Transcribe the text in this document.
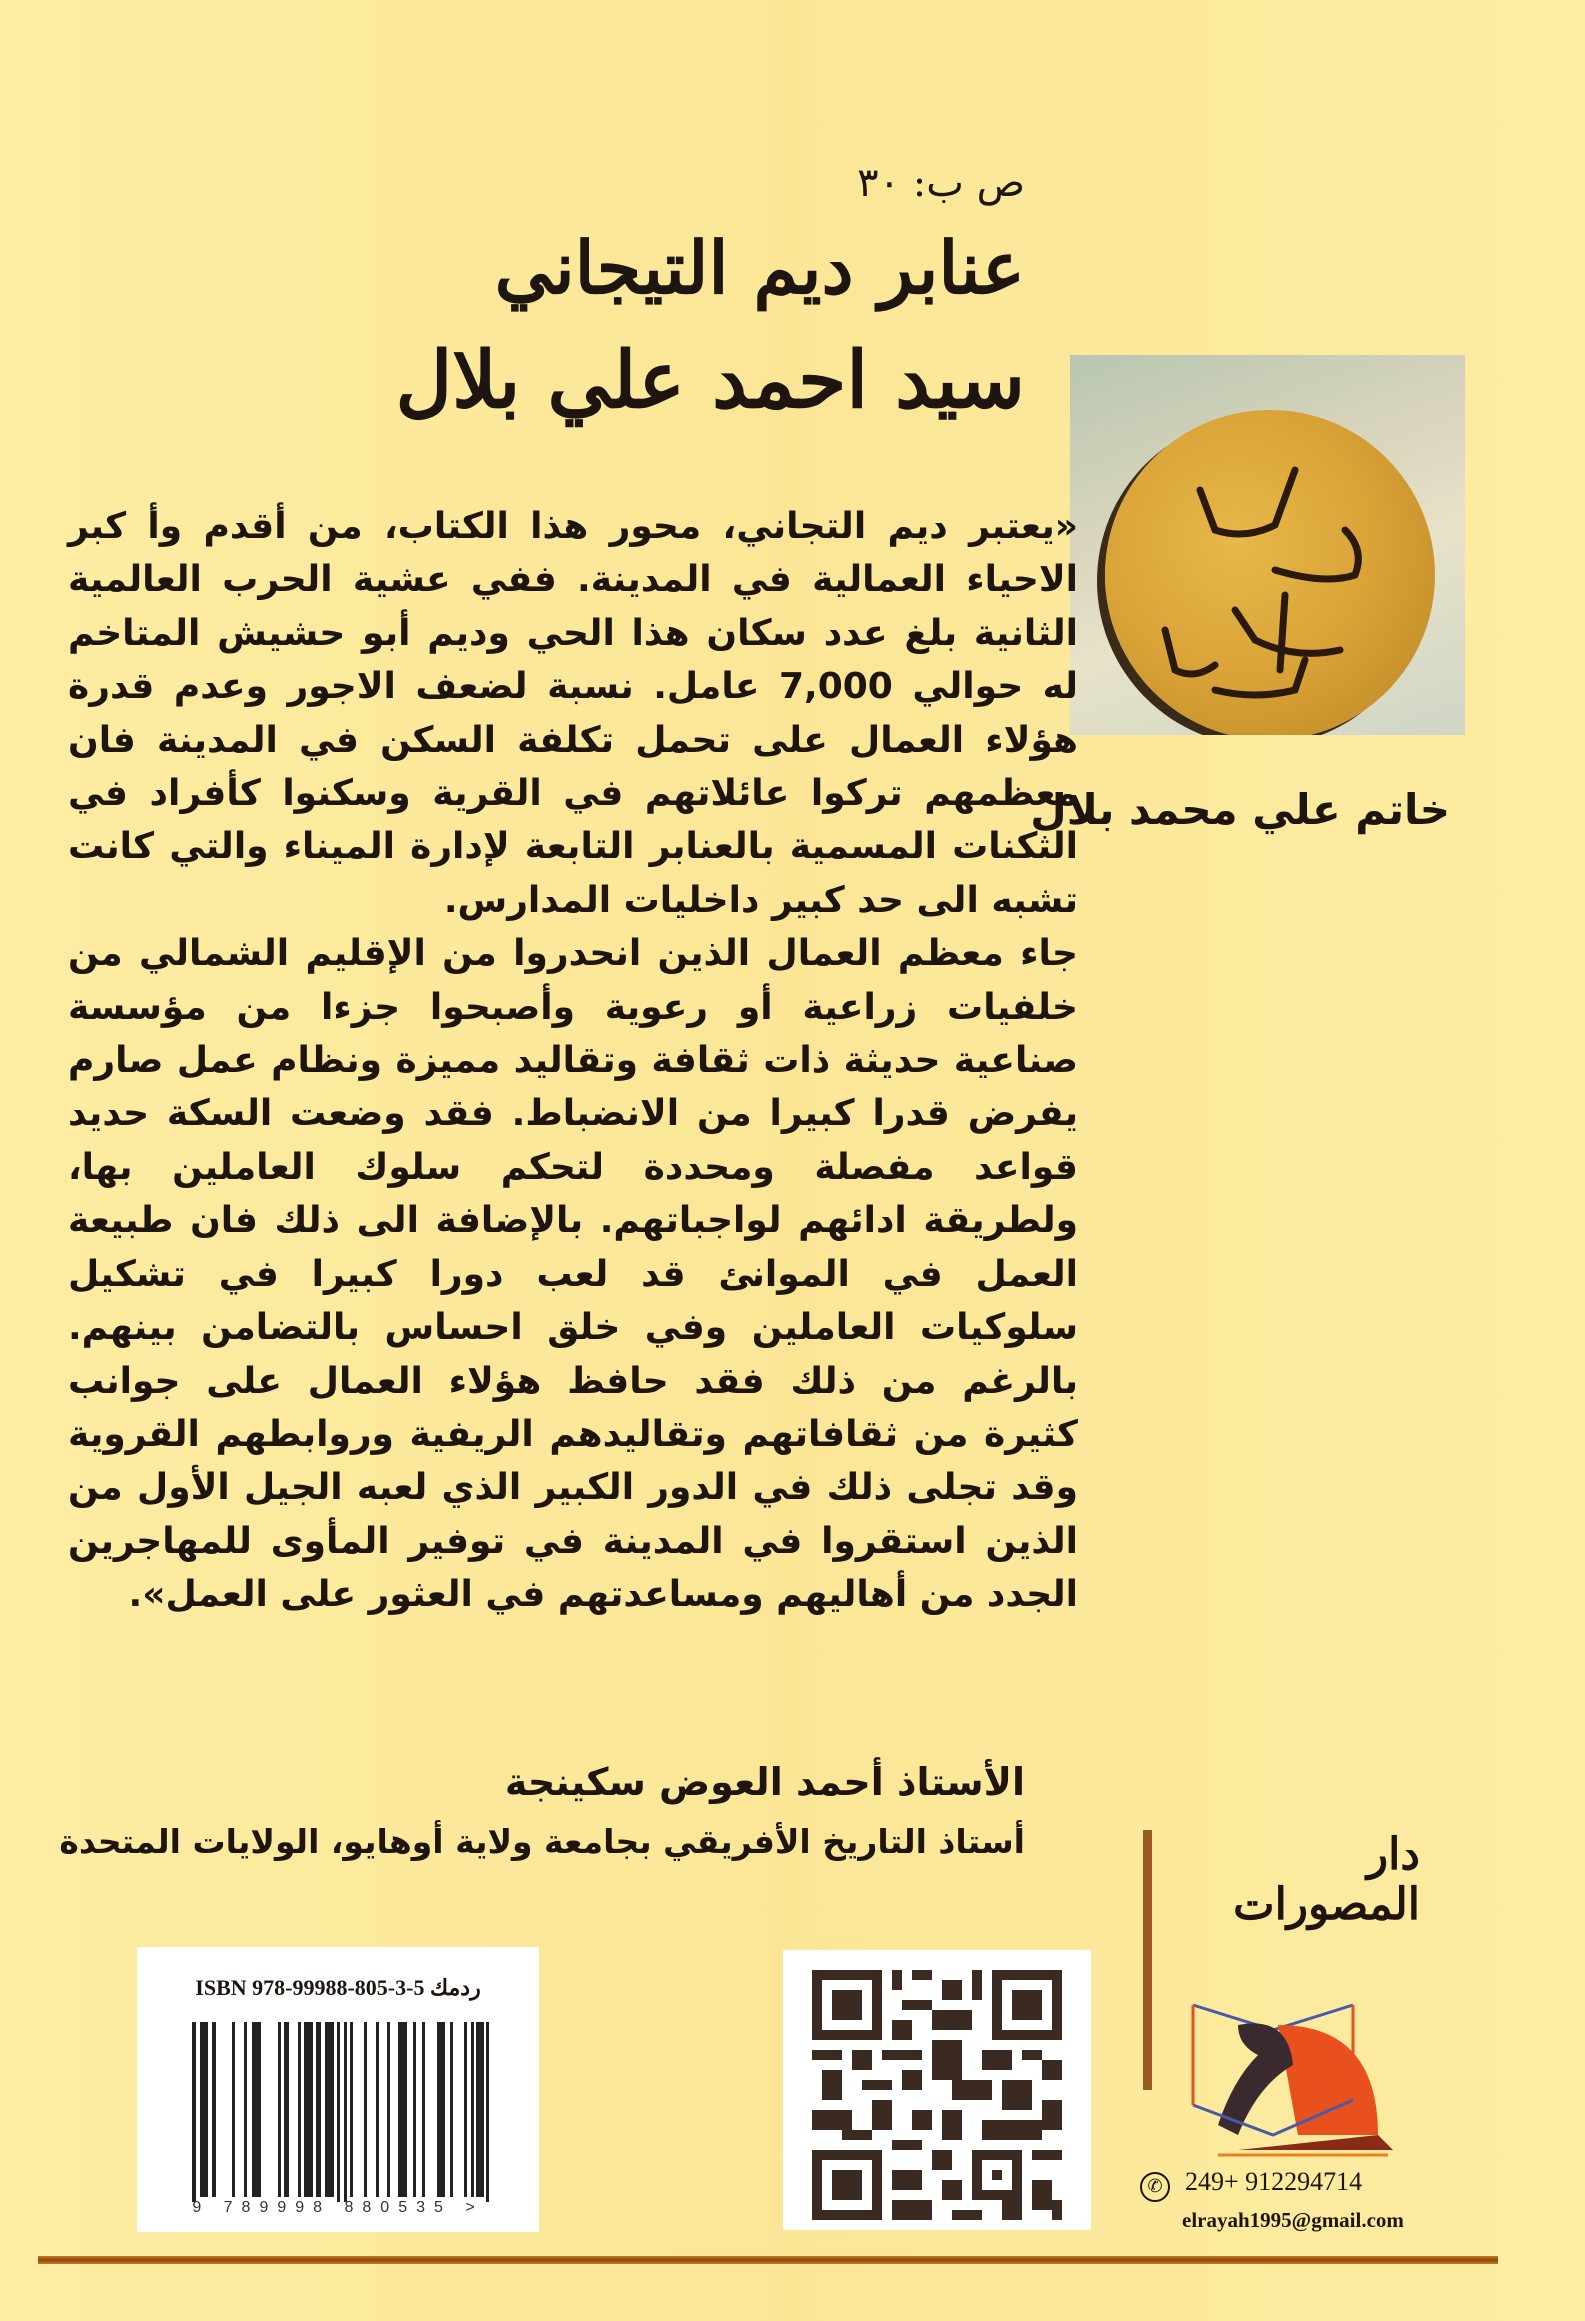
ص ب: ٣٠
عنابر ديم التيجاني
سيد احمد علي بلال
خاتم علي محمد بلال

«يعتبر ديم التجاني، محور هذا الكتاب، من أقدم وأ كبر الاحياء العمالية في المدينة. ففي عشية الحرب العالمية الثانية بلغ عدد سكان هذا الحي وديم أبو حشيش المتاخم له حوالي 7,000 عامل. نسبة لضعف الاجور وعدم قدرة هؤلاء العمال على تحمل تكلفة السكن في المدينة فان معظمهم تركوا عائلاتهم في القرية وسكنوا كأفراد في الثكنات المسمية بالعنابر التابعة لإدارة الميناء والتي كانت تشبه الى حد كبير داخليات المدارس.

جاء معظم العمال الذين انحدروا من الإقليم الشمالي من خلفيات زراعية أو رعوية وأصبحوا جزءا من مؤسسة صناعية حديثة ذات ثقافة وتقاليد مميزة ونظام عمل صارم يفرض قدرا كبيرا من الانضباط. فقد وضعت السكة حديد قواعد مفصلة ومحددة لتحكم سلوك العاملين بها، ولطريقة ادائهم لواجباتهم. بالإضافة الى ذلك فان طبيعة العمل في الموانئ قد لعب دورا كبيرا في تشكيل سلوكيات العاملين وفي خلق احساس بالتضامن بينهم. بالرغم من ذلك فقد حافظ هؤلاء العمال على جوانب كثيرة من ثقافاتهم وتقاليدهم الريفية وروابطهم القروية وقد تجلى ذلك في الدور الكبير الذي لعبه الجيل الأول من الذين استقروا في المدينة في توفير المأوى للمهاجرين الجدد من أهاليهم ومساعدتهم في العثور على العمل».

الأستاذ أحمد العوض سكينجة
أستاذ التاريخ الأفريقي بجامعة ولاية أوهايو، الولايات المتحدة
ISBN 978-99988-805-3-5 ردمك
9 789998 880535 >
دار
المصورات
✆ 249+ 912294714
elrayah1995@gmail.com
